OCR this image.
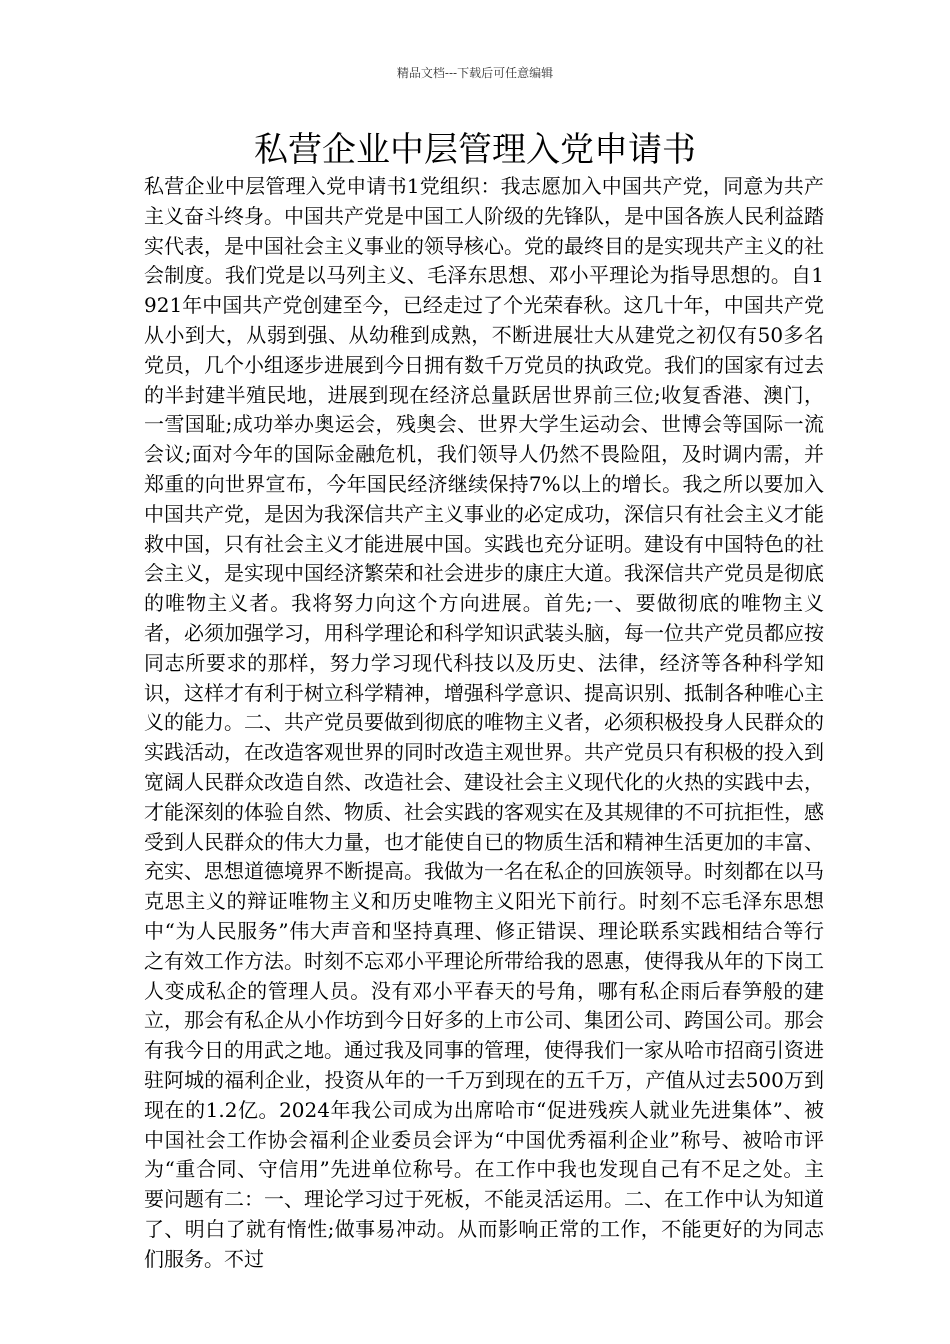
精品文档---下载后可任意编辑
私营企业中层管理入党申请书

私营企业中层管理入党申请书1党组织：我志愿加入中国共产党，同意为共产主义奋斗终身。中国共产党是中国工人阶级的先锋队，是中国各族人民利益踏实代表，是中国社会主义事业的领导核心。党的最终目的是实现共产主义的社会制度。我们党是以马列主义、毛泽东思想、邓小平理论为指导思想的。自1921年中国共产党创建至今，已经走过了个光荣春秋。这几十年，中国共产党从小到大，从弱到强、从幼稚到成熟，不断进展壮大从建党之初仅有50多名党员，几个小组逐步进展到今日拥有数千万党员的执政党。我们的国家有过去的半封建半殖民地，进展到现在经济总量跃居世界前三位;收复香港、澳门，一雪国耻;成功举办奥运会，残奥会、世界大学生运动会、世博会等国际一流会议;面对今年的国际金融危机，我们领导人仍然不畏险阻，及时调内需，并郑重的向世界宣布，今年国民经济继续保持7%以上的增长。我之所以要加入中国共产党，是因为我深信共产主义事业的必定成功，深信只有社会主义才能救中国，只有社会主义才能进展中国。实践也充分证明。建设有中国特色的社会主义，是实现中国经济繁荣和社会进步的康庄大道。我深信共产党员是彻底的唯物主义者。我将努力向这个方向进展。首先;一、要做彻底的唯物主义者，必须加强学习，用科学理论和科学知识武装头脑，每一位共产党员都应按同志所要求的那样，努力学习现代科技以及历史、法律，经济等各种科学知识，这样才有利于树立科学精神，增强科学意识、提高识别、抵制各种唯心主义的能力。二、共产党员要做到彻底的唯物主义者，必须积极投身人民群众的实践活动，在改造客观世界的同时改造主观世界。共产党员只有积极的投入到宽阔人民群众改造自然、改造社会、建设社会主义现代化的火热的实践中去，才能深刻的体验自然、物质、社会实践的客观实在及其规律的不可抗拒性，感受到人民群众的伟大力量，也才能使自已的物质生活和精神生活更加的丰富、充实、思想道德境界不断提高。我做为一名在私企的回族领导。时刻都在以马克思主义的辩证唯物主义和历史唯物主义阳光下前行。时刻不忘毛泽东思想中“为人民服务”伟大声音和坚持真理、修正错误、理论联系实践相结合等行之有效工作方法。时刻不忘邓小平理论所带给我的恩惠，使得我从年的下岗工人变成私企的管理人员。没有邓小平春天的号角，哪有私企雨后春笋般的建立，那会有私企从小作坊到今日好多的上市公司、集团公司、跨国公司。那会有我今日的用武之地。通过我及同事的管理，使得我们一家从哈市招商引资进驻阿城的福利企业，投资从年的一千万到现在的五千万，产值从过去500万到现在的1.2亿。2024年我公司成为出席哈市“促进残疾人就业先进集体”、被中国社会工作协会福利企业委员会评为“中国优秀福利企业”称号、被哈市评为“重合同、守信用”先进单位称号。在工作中我也发现自己有不足之处。主要问题有二：一、理论学习过于死板，不能灵活运用。二、在工作中认为知道了、明白了就有惰性;做事易冲动。从而影响正常的工作，不能更好的为同志们服务。不过
